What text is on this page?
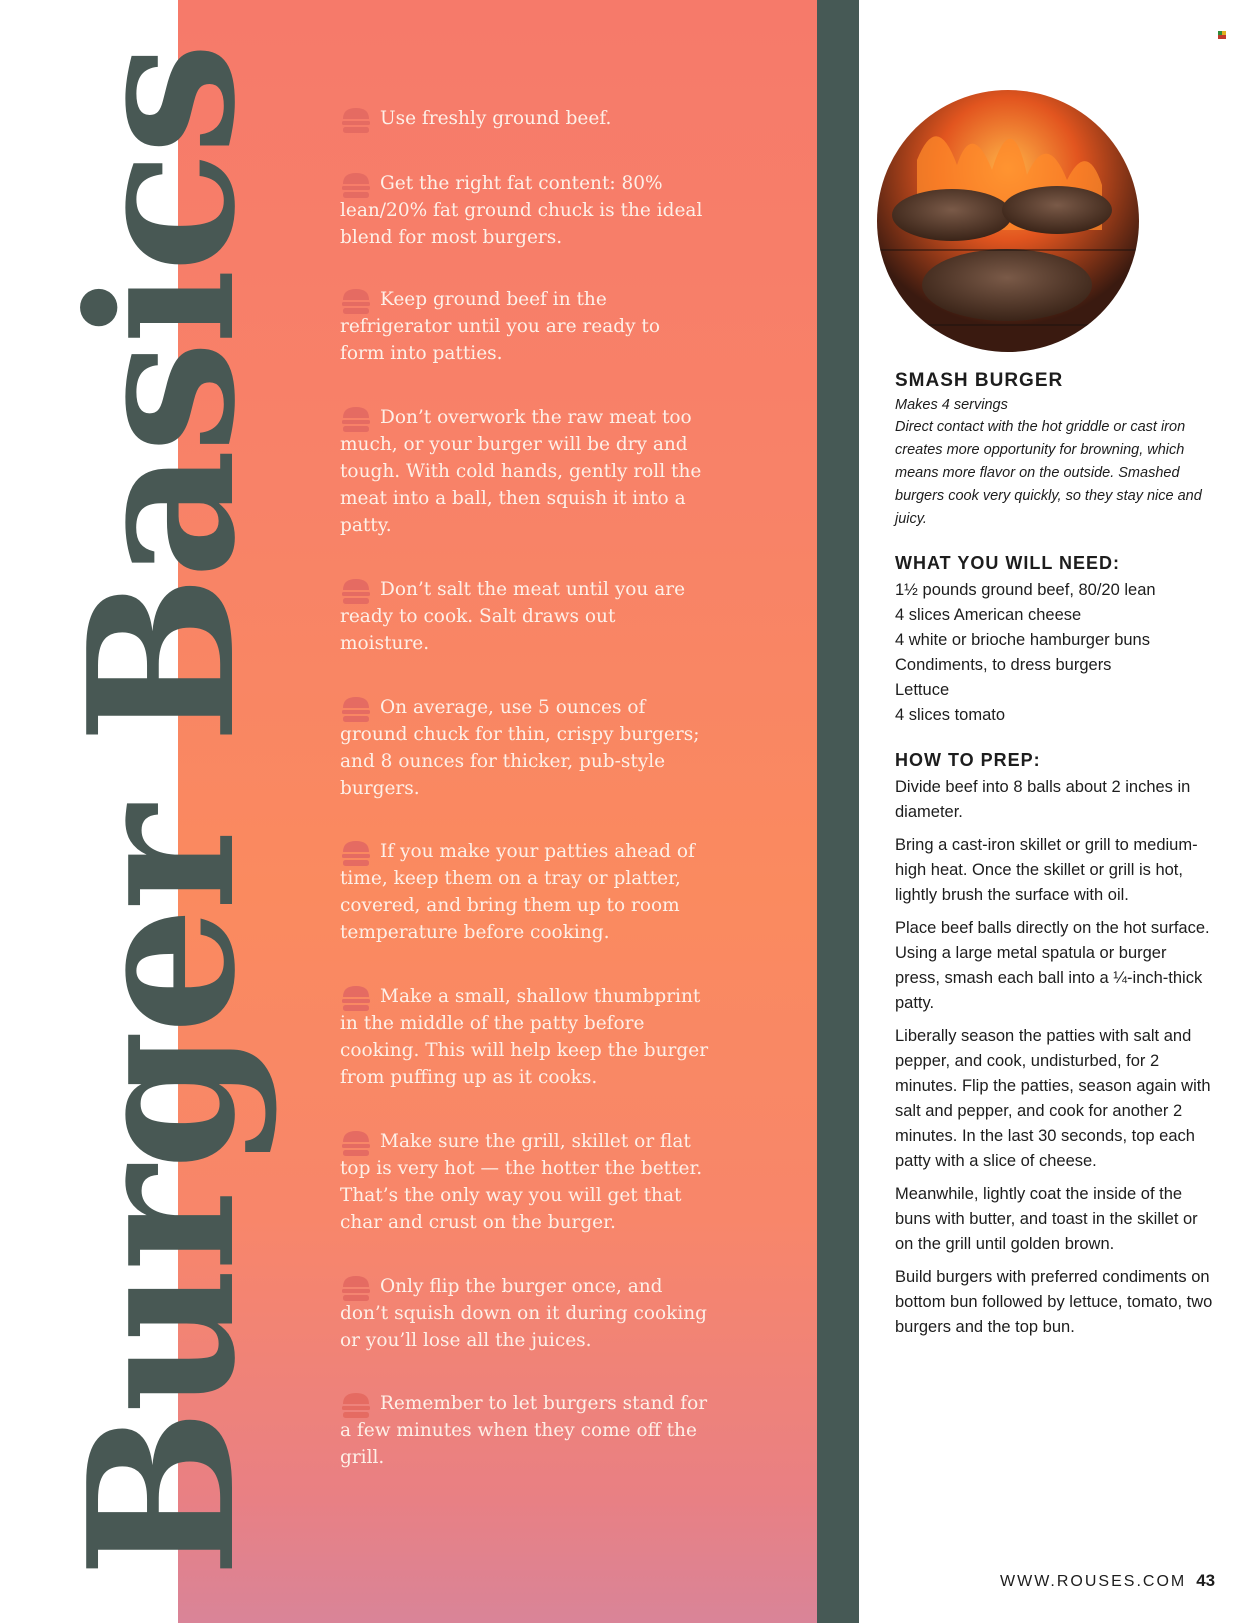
Burger Basics	Use freshly ground beef.

Get the right fat content: 80% lean/20% fat ground chuck is the ideal blend for most burgers.

Keep ground beef in the refrigerator until you are ready to form into patties.

Don’t overwork the raw meat too much, or your burger will be dry and tough. With cold hands, gently roll the meat into a ball, then squish it into a patty.

Don’t salt the meat until you are ready to cook. Salt draws out moisture.

On average, use 5 ounces of ground chuck for thin, crispy burgers; and 8 ounces for thicker, pub-style burgers.

If you make your patties ahead of time, keep them on a tray or platter, covered, and bring them up to room temperature before cooking.

Make a small, shallow thumbprint in the middle of the patty before cooking. This will help keep the burger from puffing up as it cooks.

Make sure the grill, skillet or flat top is very hot — the hotter the better. That’s the only way you will get that char and crust on the burger.

Only flip the burger once, and don’t squish down on it during cooking or you’ll lose all the juices.

Remember to let burgers stand for a few minutes when they come off the grill.

SMASH BURGER

Makes 4 servings

Direct contact with the hot griddle or cast iron creates more opportunity for browning, which means more flavor on the outside. Smashed burgers cook very quickly, so they stay nice and juicy.

WHAT YOU WILL NEED:
1½ pounds ground beef, 80/20 lean
4 slices American cheese
4 white or brioche hamburger buns
Condiments, to dress burgers
Lettuce
4 slices tomato
HOW TO PREP:

Divide beef into 8 balls about 2 inches in diameter.

Bring a cast-iron skillet or grill to medium-high heat. Once the skillet or grill is hot, lightly brush the surface with oil.

Place beef balls directly on the hot surface. Using a large metal spatula or burger press, smash each ball into a ¼-inch-thick patty.

Liberally season the patties with salt and pepper, and cook, undisturbed, for 2 minutes. Flip the patties, season again with salt and pepper, and cook for another 2 minutes. In the last 30 seconds, top each patty with a slice of cheese.

Meanwhile, lightly coat the inside of the buns with butter, and toast in the skillet or on the grill until golden brown.

Build burgers with preferred condiments on bottom bun followed by lettuce, tomato, two burgers and the top bun.

WWW.ROUSES.COM 43
